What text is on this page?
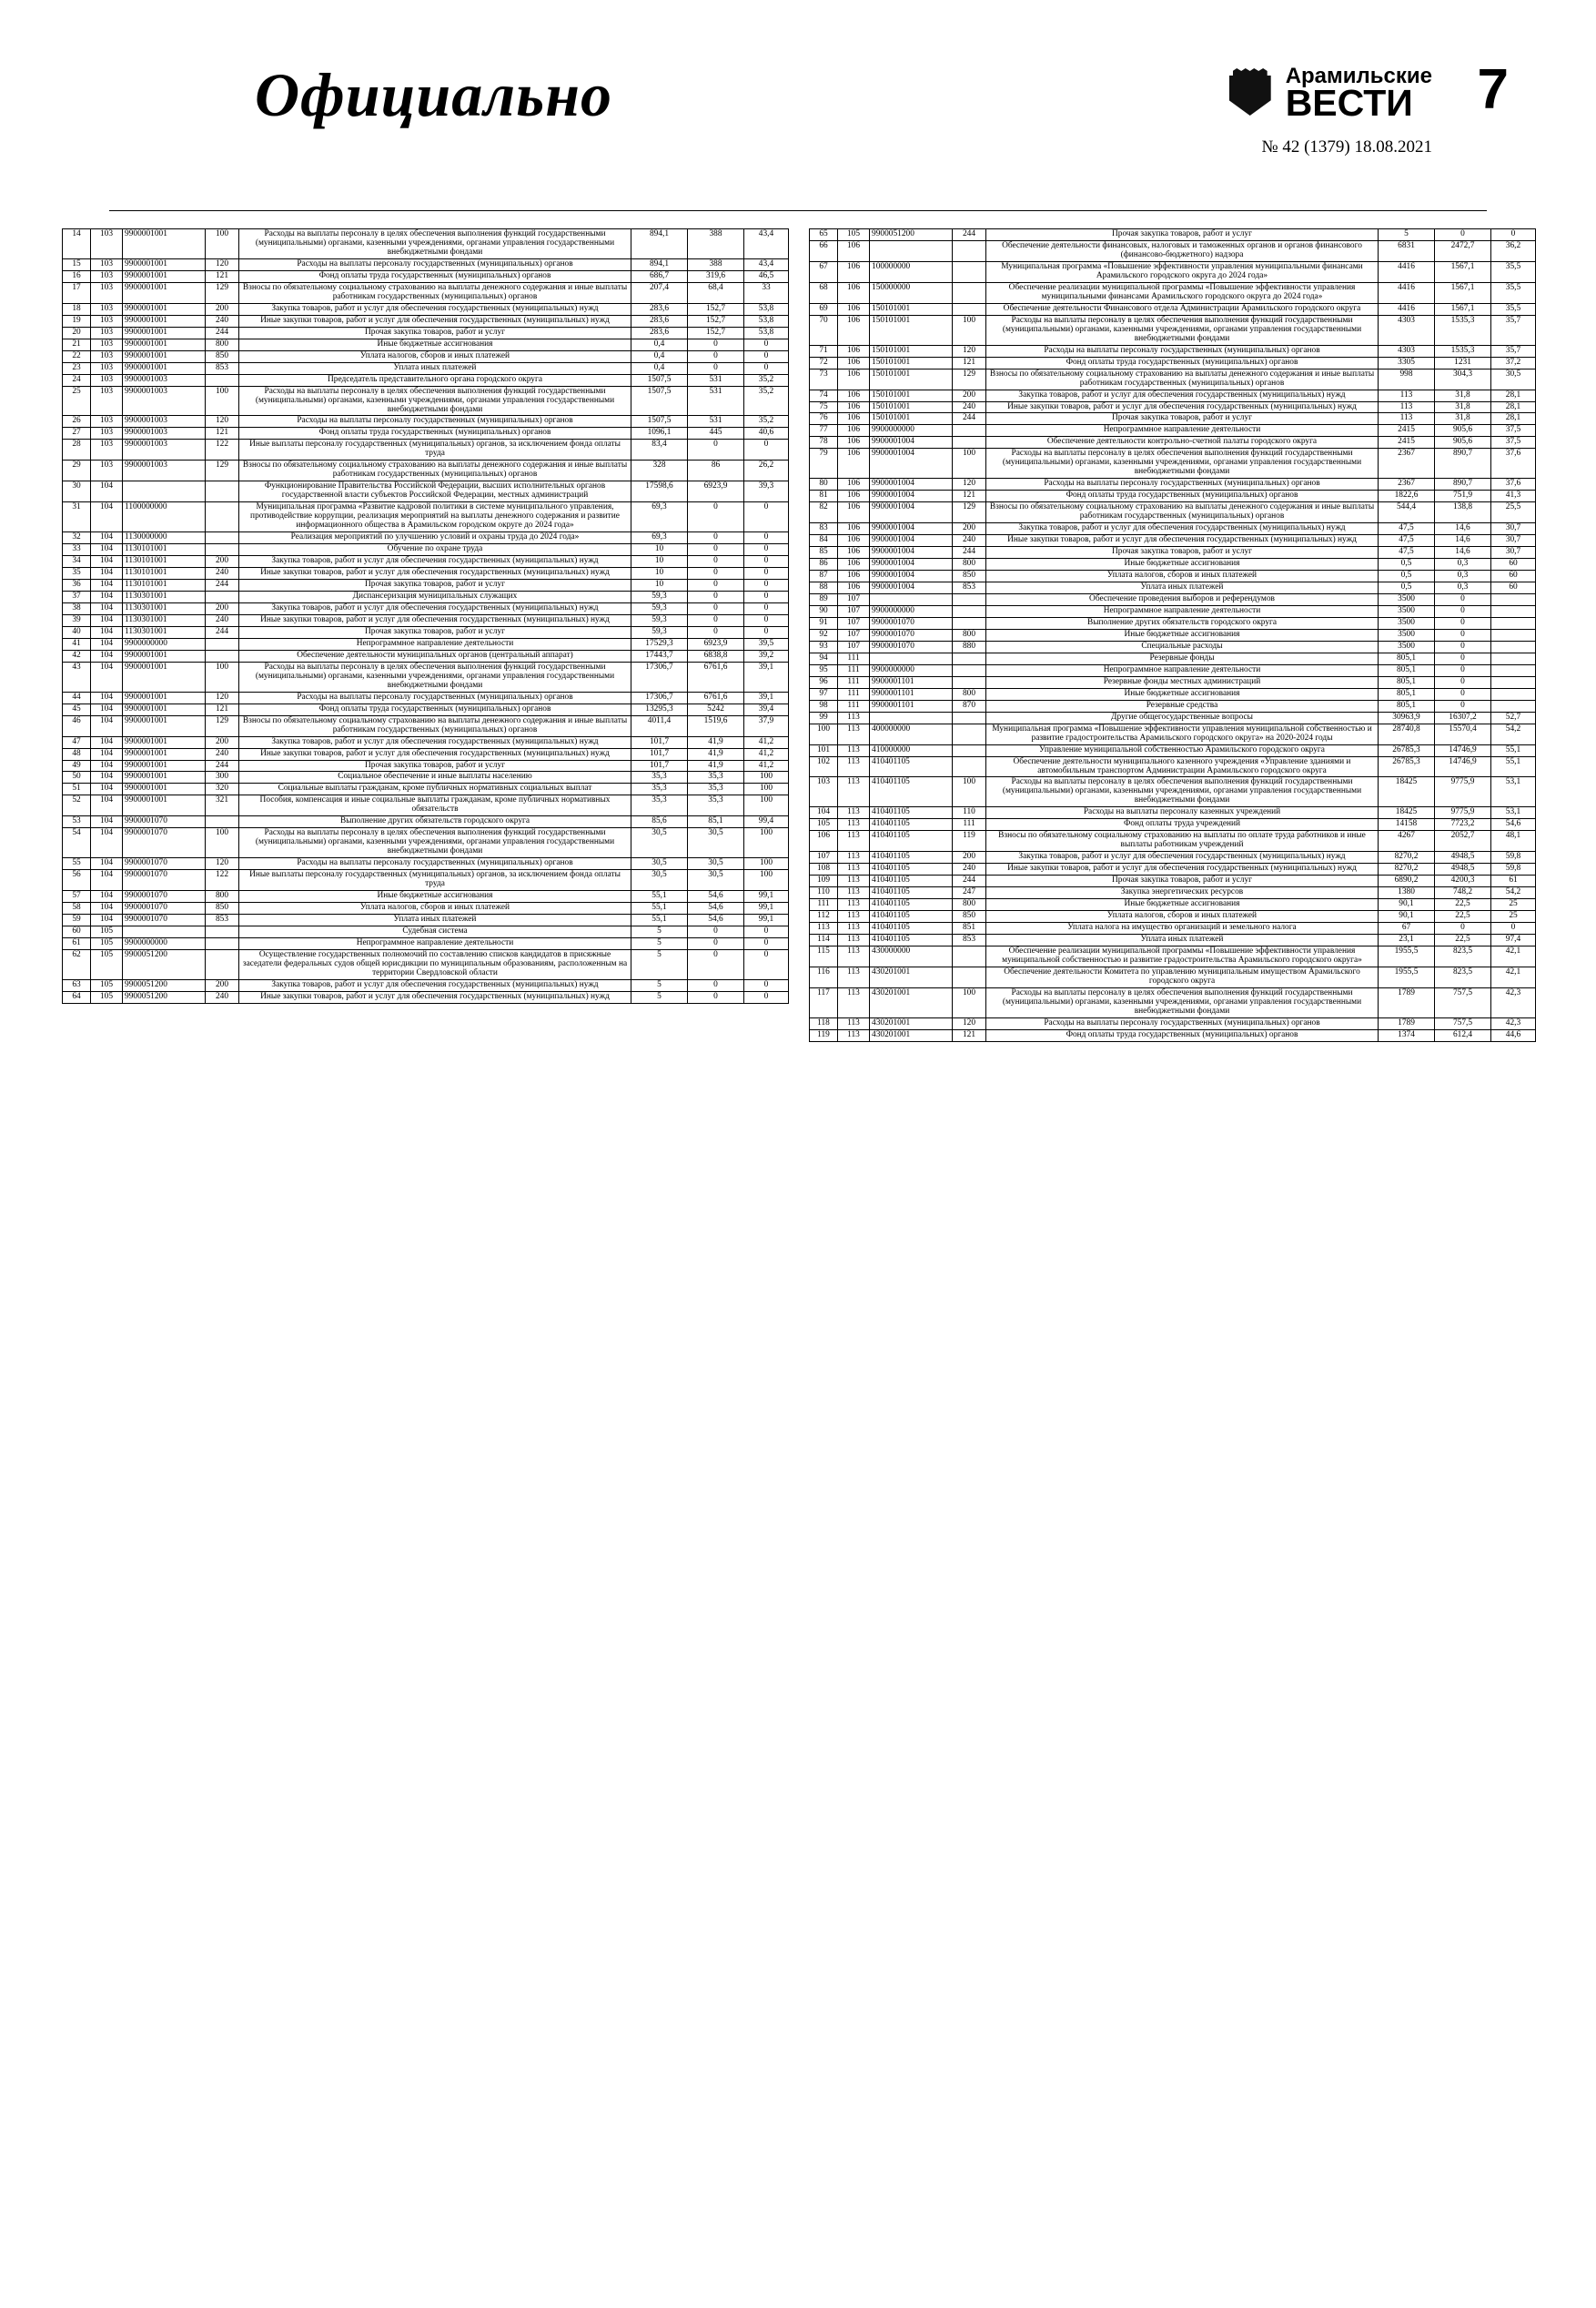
Официально	Арамильские
ВЕСТИ
№ 42 (1379) 18.08.2021
7
14	103	9900001001	100	Расходы на выплаты персоналу в целях обеспечения выполнения функций государственными (муниципальными) органами, казенными учреждениями, органами управления государственными внебюджетными фондами	894,1	388	43,4
15	103	9900001001	120	Расходы на выплаты персоналу государственных (муниципальных) органов	894,1	388	43,4
16	103	9900001001	121	Фонд оплаты труда государственных (муниципальных) органов	686,7	319,6	46,5
17	103	9900001001	129	Взносы по обязательному социальному страхованию на выплаты денежного содержания и иные выплаты работникам государственных (муниципальных) органов	207,4	68,4	33
18	103	9900001001	200	Закупка товаров, работ и услуг для обеспечения государственных (муниципальных) нужд	283,6	152,7	53,8
19	103	9900001001	240	Иные закупки товаров, работ и услуг для обеспечения государственных (муниципальных) нужд	283,6	152,7	53,8
20	103	9900001001	244	Прочая закупка товаров, работ и услуг	283,6	152,7	53,8
21	103	9900001001	800	Иные бюджетные ассигнования	0,4	0	0
22	103	9900001001	850	Уплата налогов, сборов и иных платежей	0,4	0	0
23	103	9900001001	853	Уплата иных платежей	0,4	0	0
24	103	9900001003		Председатель представительного органа городского округа	1507,5	531	35,2
25	103	9900001003	100	Расходы на выплаты персоналу в целях обеспечения выполнения функций государственными (муниципальными) органами, казенными учреждениями, органами управления государственными внебюджетными фондами	1507,5	531	35,2
26	103	9900001003	120	Расходы на выплаты персоналу государственных (муниципальных) органов	1507,5	531	35,2
27	103	9900001003	121	Фонд оплаты труда государственных (муниципальных) органов	1096,1	445	40,6
28	103	9900001003	122	Иные выплаты персоналу государственных (муниципальных) органов, за исключением фонда оплаты труда	83,4	0	0
29	103	9900001003	129	Взносы по обязательному социальному страхованию на выплаты денежного содержания и иные выплаты работникам государственных (муниципальных) органов	328	86	26,2
30	104			Функционирование Правительства Российской Федерации, высших исполнительных органов государственной власти субъектов Российской Федерации, местных администраций	17598,6	6923,9	39,3
31	104	1100000000		Муниципальная программа «Развитие кадровой политики в системе муниципального управления, противодействие коррупции, реализация мероприятий на выплаты денежного содержания и развитие информационного общества в Арамильском городском округе до 2024 года»	69,3	0	0
32	104	1130000000		Реализация мероприятий по улучшению условий и охраны труда до 2024 года»	69,3	0	0
33	104	1130101001		Обучение по охране труда	10	0	0
34	104	1130101001	200	Закупка товаров, работ и услуг для обеспечения государственных (муниципальных) нужд	10	0	0
35	104	1130101001	240	Иные закупки товаров, работ и услуг для обеспечения государственных (муниципальных) нужд	10	0	0
36	104	1130101001	244	Прочая закупка товаров, работ и услуг	10	0	0
37	104	1130301001		Диспансеризация муниципальных служащих	59,3	0	0
38	104	1130301001	200	Закупка товаров, работ и услуг для обеспечения государственных (муниципальных) нужд	59,3	0	0
39	104	1130301001	240	Иные закупки товаров, работ и услуг для обеспечения государственных (муниципальных) нужд	59,3	0	0
40	104	1130301001	244	Прочая закупка товаров, работ и услуг	59,3	0	0
41	104	9900000000		Непрограммное направление деятельности	17529,3	6923,9	39,5
42	104	9900001001		Обеспечение деятельности муниципальных органов (центральный аппарат)	17443,7	6838,8	39,2
43	104	9900001001	100	Расходы на выплаты персоналу в целях обеспечения выполнения функций государственными (муниципальными) органами, казенными учреждениями, органами управления государственными внебюджетными фондами	17306,7	6761,6	39,1
44	104	9900001001	120	Расходы на выплаты персоналу государственных (муниципальных) органов	17306,7	6761,6	39,1
45	104	9900001001	121	Фонд оплаты труда государственных (муниципальных) органов	13295,3	5242	39,4
46	104	9900001001	129	Взносы по обязательному социальному страхованию на выплаты денежного содержания и иные выплаты работникам государственных (муниципальных) органов	4011,4	1519,6	37,9
47	104	9900001001	200	Закупка товаров, работ и услуг для обеспечения государственных (муниципальных) нужд	101,7	41,9	41,2
48	104	9900001001	240	Иные закупки товаров, работ и услуг для обеспечения государственных (муниципальных) нужд	101,7	41,9	41,2
49	104	9900001001	244	Прочая закупка товаров, работ и услуг	101,7	41,9	41,2
50	104	9900001001	300	Социальное обеспечение и иные выплаты населению	35,3	35,3	100
51	104	9900001001	320	Социальные выплаты гражданам, кроме публичных нормативных социальных выплат	35,3	35,3	100
52	104	9900001001	321	Пособия, компенсация и иные социальные выплаты гражданам, кроме публичных нормативных обязательств	35,3	35,3	100
53	104	9900001070		Выполнение других обязательств городского округа	85,6	85,1	99,4
54	104	9900001070	100	Расходы на выплаты персоналу в целях обеспечения выполнения функций государственными (муниципальными) органами, казенными учреждениями, органами управления государственными внебюджетными фондами	30,5	30,5	100
55	104	9900001070	120	Расходы на выплаты персоналу государственных (муниципальных) органов	30,5	30,5	100
56	104	9900001070	122	Иные выплаты персоналу государственных (муниципальных) органов, за исключением фонда оплаты труда	30,5	30,5	100
57	104	9900001070	800	Иные бюджетные ассигнования	55,1	54,6	99,1
58	104	9900001070	850	Уплата налогов, сборов и иных платежей	55,1	54,6	99,1
59	104	9900001070	853	Уплата иных платежей	55,1	54,6	99,1
60	105			Судебная система	5	0	0
61	105	9900000000		Непрограммное направление деятельности	5	0	0
62	105	9900051200		Осуществление государственных полномочий по составлению списков кандидатов в присяжные заседатели федеральных судов общей юрисдикции по муниципальным образованиям, расположенным на территории Свердловской области	5	0	0
63	105	9900051200	200	Закупка товаров, работ и услуг для обеспечения государственных (муниципальных) нужд	5	0	0
64	105	9900051200	240	Иные закупки товаров, работ и услуг для обеспечения государственных (муниципальных) нужд	5	0	0
65	105	9900051200	244	Прочая закупка товаров, работ и услуг	5	0	0
66	106			Обеспечение деятельности финансовых, налоговых и таможенных органов и органов финансового (финансово-бюджетного) надзора	6831	2472,7	36,2
67	106	100000000		Муниципальная программа «Повышение эффективности управления муниципальными финансами Арамильского городского округа до 2024 года»	4416	1567,1	35,5
68	106	150000000		Обеспечение реализации муниципальной программы «Повышение эффективности управления муниципальными финансами Арамильского городского округа до 2024 года»	4416	1567,1	35,5
69	106	150101001		Обеспечение деятельности Финансового отдела Администрации Арамильского городского округа	4416	1567,1	35,5
70	106	150101001	100	Расходы на выплаты персоналу в целях обеспечения выполнения функций государственными (муниципальными) органами, казенными учреждениями, органами управления государственными внебюджетными фондами	4303	1535,3	35,7
71	106	150101001	120	Расходы на выплаты персоналу государственных (муниципальных) органов	4303	1535,3	35,7
72	106	150101001	121	Фонд оплаты труда государственных (муниципальных) органов	3305	1231	37,2
73	106	150101001	129	Взносы по обязательному социальному страхованию на выплаты денежного содержания и иные выплаты работникам государственных (муниципальных) органов	998	304,3	30,5
74	106	150101001	200	Закупка товаров, работ и услуг для обеспечения государственных (муниципальных) нужд	113	31,8	28,1
75	106	150101001	240	Иные закупки товаров, работ и услуг для обеспечения государственных (муниципальных) нужд	113	31,8	28,1
76	106	150101001	244	Прочая закупка товаров, работ и услуг	113	31,8	28,1
77	106	9900000000		Непрограммное направление деятельности	2415	905,6	37,5
78	106	9900001004		Обеспечение деятельности контрольно-счетной палаты городского округа	2415	905,6	37,5
79	106	9900001004	100	Расходы на выплаты персоналу в целях обеспечения выполнения функций государственными (муниципальными) органами, казенными учреждениями, органами управления государственными внебюджетными фондами	2367	890,7	37,6
80	106	9900001004	120	Расходы на выплаты персоналу государственных (муниципальных) органов	2367	890,7	37,6
81	106	9900001004	121	Фонд оплаты труда государственных (муниципальных) органов	1822,6	751,9	41,3
82	106	9900001004	129	Взносы по обязательному социальному страхованию на выплаты денежного содержания и иные выплаты работникам государственных (муниципальных) органов	544,4	138,8	25,5
83	106	9900001004	200	Закупка товаров, работ и услуг для обеспечения государственных (муниципальных) нужд	47,5	14,6	30,7
84	106	9900001004	240	Иные закупки товаров, работ и услуг для обеспечения государственных (муниципальных) нужд	47,5	14,6	30,7
85	106	9900001004	244	Прочая закупка товаров, работ и услуг	47,5	14,6	30,7
86	106	9900001004	800	Иные бюджетные ассигнования	0,5	0,3	60
87	106	9900001004	850	Уплата налогов, сборов и иных платежей	0,5	0,3	60
88	106	9900001004	853	Уплата иных платежей	0,5	0,3	60
89	107			Обеспечение проведения выборов и референдумов	3500	0	
90	107	9900000000		Непрограммное направление деятельности	3500	0	
91	107	9900001070		Выполнение других обязательств городского округа	3500	0	
92	107	9900001070	800	Иные бюджетные ассигнования	3500	0	
93	107	9900001070	880	Специальные расходы	3500	0	
94	111			Резервные фонды	805,1	0	
95	111	9900000000		Непрограммное направление деятельности	805,1	0	
96	111	9900001101		Резервные фонды местных администраций	805,1	0	
97	111	9900001101	800	Иные бюджетные ассигнования	805,1	0	
98	111	9900001101	870	Резервные средства	805,1	0	
99	113			Другие общегосударственные вопросы	30963,9	16307,2	52,7
100	113	400000000		Муниципальная программа «Повышение эффективности управления муниципальной собственностью и развитие градостроительства Арамильского городского округа» на 2020-2024 годы	28740,8	15570,4	54,2
101	113	410000000		Управление муниципальной собственностью Арамильского городского округа	26785,3	14746,9	55,1
102	113	410401105		Обеспечение деятельности муниципального казенного учреждения «Управление зданиями и автомобильным транспортом Администрации Арамильского городского округа	26785,3	14746,9	55,1
103	113	410401105	100	Расходы на выплаты персоналу в целях обеспечения выполнения функций государственными (муниципальными) органами, казенными учреждениями, органами управления государственными внебюджетными фондами	18425	9775,9	53,1
104	113	410401105	110	Расходы на выплаты персоналу казенных учреждений	18425	9775,9	53,1
105	113	410401105	111	Фонд оплаты труда учреждений	14158	7723,2	54,6
106	113	410401105	119	Взносы по обязательному социальному страхованию на выплаты по оплате труда работников и иные выплаты работникам учреждений	4267	2052,7	48,1
107	113	410401105	200	Закупка товаров, работ и услуг для обеспечения государственных (муниципальных) нужд	8270,2	4948,5	59,8
108	113	410401105	240	Иные закупки товаров, работ и услуг для обеспечения государственных (муниципальных) нужд	8270,2	4948,5	59,8
109	113	410401105	244	Прочая закупка товаров, работ и услуг	6890,2	4200,3	61
110	113	410401105	247	Закупка энергетических ресурсов	1380	748,2	54,2
111	113	410401105	800	Иные бюджетные ассигнования	90,1	22,5	25
112	113	410401105	850	Уплата налогов, сборов и иных платежей	90,1	22,5	25
113	113	410401105	851	Уплата налога на имущество организаций и земельного налога	67	0	0
114	113	410401105	853	Уплата иных платежей	23,1	22,5	97,4
115	113	430000000		Обеспечение реализации муниципальной программы «Повышение эффективности управления муниципальной собственностью и развитие градостроительства Арамильского городского округа»	1955,5	823,5	42,1
116	113	430201001		Обеспечение деятельности Комитета по управлению муниципальным имуществом Арамильского городского округа	1955,5	823,5	42,1
117	113	430201001	100	Расходы на выплаты персоналу в целях обеспечения выполнения функций государственными (муниципальными) органами, казенными учреждениями, органами управления государственными внебюджетными фондами	1789	757,5	42,3
118	113	430201001	120	Расходы на выплаты персоналу государственных (муниципальных) органов	1789	757,5	42,3
119	113	430201001	121	Фонд оплаты труда государственных (муниципальных) органов	1374	612,4	44,6
